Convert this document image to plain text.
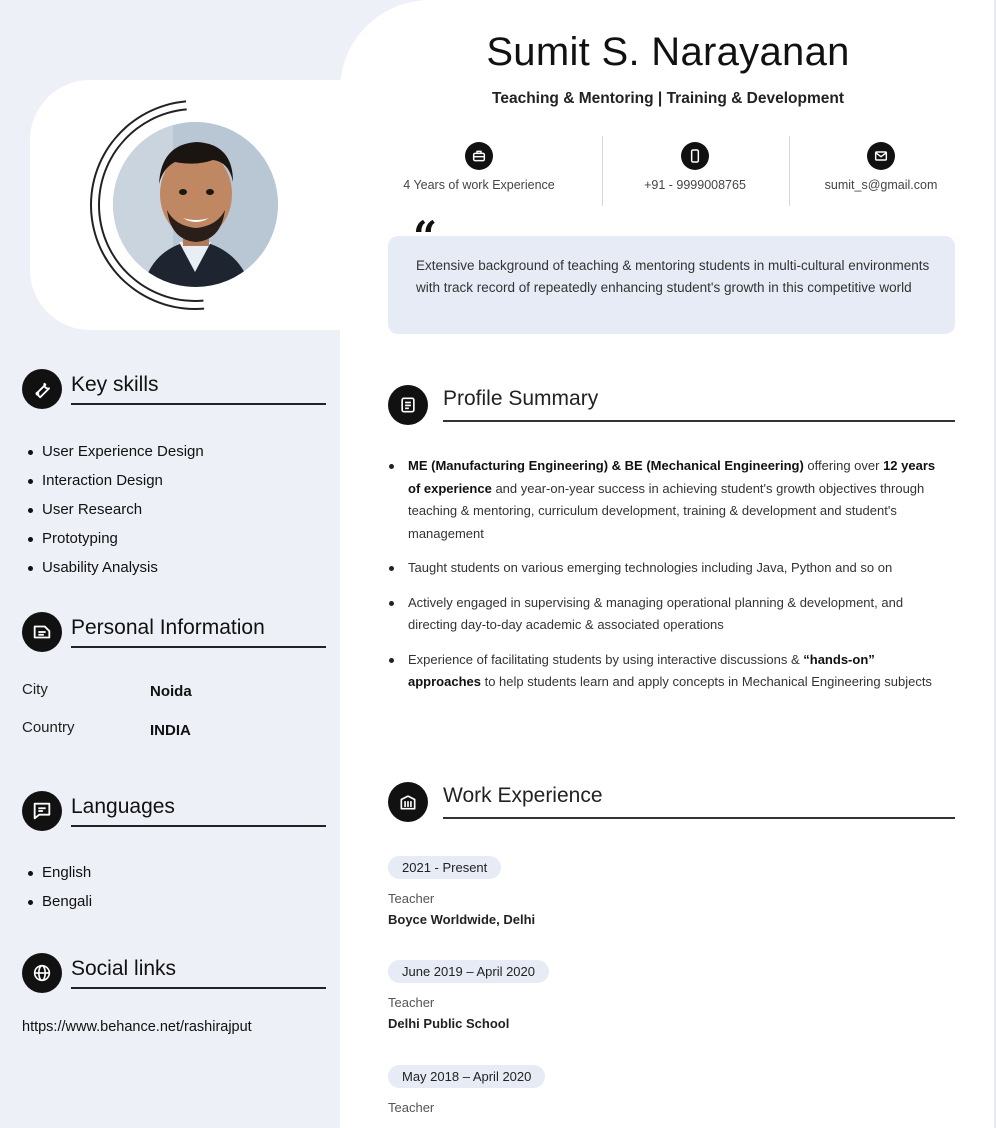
Key skills
User Experience Design
Interaction Design
User Research
Prototyping
Usability Analysis
Personal Information
City	Noida
Country	INDIA
Languages
English
Bengali
Social links
https://www.behance.net/rashirajput
Sumit S. Narayanan
Teaching & Mentoring | Training & Development
4 Years of work Experience	+91 - 9999008765	sumit_s@gmail.com
“
Extensive background of teaching & mentoring students in multi-cultural environments with track record of repeatedly enhancing student's growth in this competitive world
Profile Summary
ME (Manufacturing Engineering) & BE (Mechanical Engineering) offering over 12 years of experience and year-on-year success in achieving student's growth objectives through teaching & mentoring, curriculum development, training & development and student's management
Taught students on various emerging technologies including Java, Python and so on
Actively engaged in supervising & managing operational planning & development, and directing day-to-day academic & associated operations
Experience of facilitating students by using interactive discussions & “hands-on” approaches to help students learn and apply concepts in Mechanical Engineering subjects
Work Experience
2021 - Present
Teacher
Boyce Worldwide, Delhi
June 2019 – April 2020
Teacher
Delhi Public School
May 2018 – April 2020
Teacher
